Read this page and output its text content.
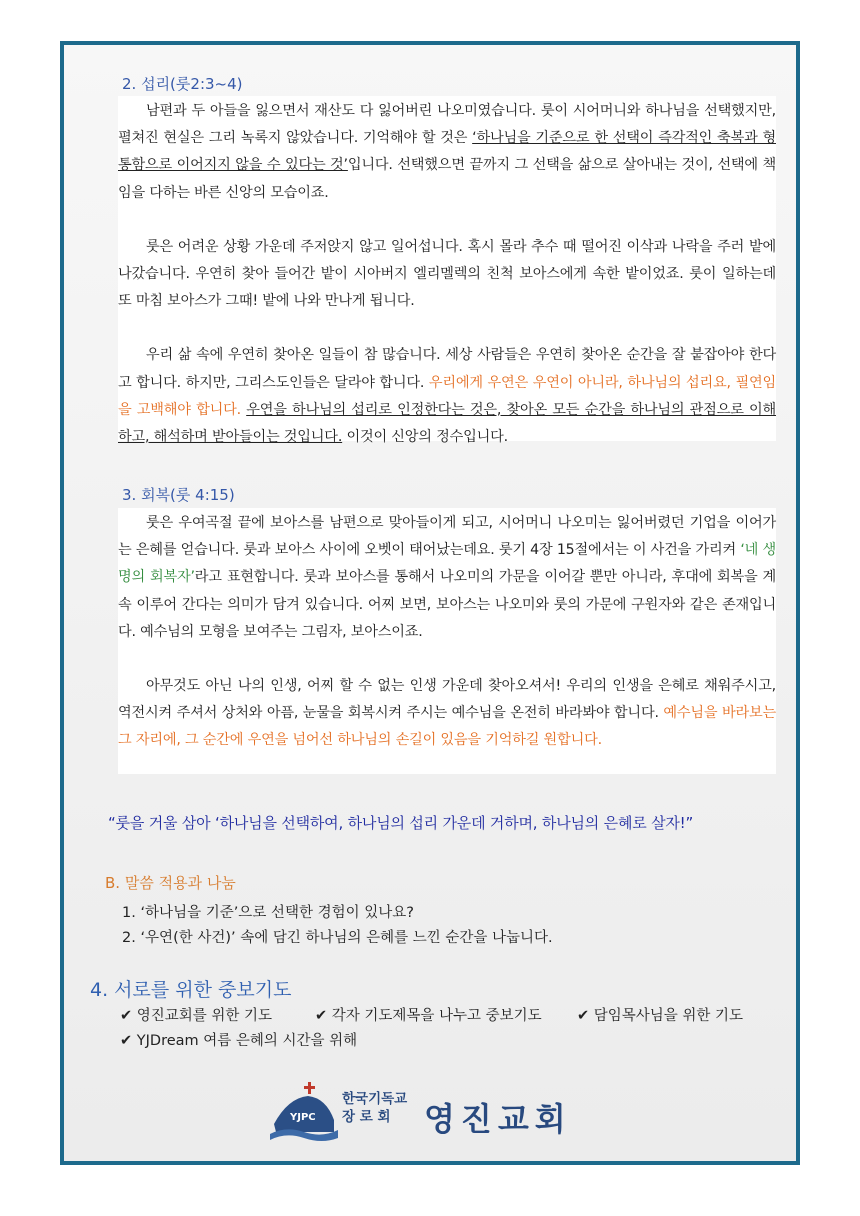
2. 섭리(룻2:3~4)

남편과 두 아들을 잃으면서 재산도 다 잃어버린 나오미였습니다. 룻이 시어머니와 하나님을 선택했지만, 펼쳐진 현실은 그리 녹록지 않았습니다. 기억해야 할 것은 ‘하나님을 기준으로 한 선택이 즉각적인 축복과 형통함으로 이어지지 않을 수 있다는 것’입니다. 선택했으면 끝까지 그 선택을 삶으로 살아내는 것이, 선택에 책임을 다하는 바른 신앙의 모습이죠.

룻은 어려운 상황 가운데 주저앉지 않고 일어섭니다. 혹시 몰라 추수 때 떨어진 이삭과 나락을 주러 밭에 나갔습니다. 우연히 찾아 들어간 밭이 시아버지 엘리멜렉의 친척 보아스에게 속한 밭이었죠. 룻이 일하는데 또 마침 보아스가 그때! 밭에 나와 만나게 됩니다.

우리 삶 속에 우연히 찾아온 일들이 참 많습니다. 세상 사람들은 우연히 찾아온 순간을 잘 붙잡아야 한다고 합니다. 하지만, 그리스도인들은 달라야 합니다. 우리에게 우연은 우연이 아니라, 하나님의 섭리요, 필연임을 고백해야 합니다. 우연을 하나님의 섭리로 인정한다는 것은, 찾아온 모든 순간을 하나님의 관점으로 이해하고, 해석하며 받아들이는 것입니다. 이것이 신앙의 정수입니다.

3. 회복(룻 4:15)

룻은 우여곡절 끝에 보아스를 남편으로 맞아들이게 되고, 시어머니 나오미는 잃어버렸던 기업을 이어가는 은혜를 얻습니다. 룻과 보아스 사이에 오벳이 태어났는데요. 룻기 4장 15절에서는 이 사건을 가리켜 ‘네 생명의 회복자’라고 표현합니다. 룻과 보아스를 통해서 나오미의 가문을 이어갈 뿐만 아니라, 후대에 회복을 계속 이루어 간다는 의미가 담겨 있습니다. 어찌 보면, 보아스는 나오미와 룻의 가문에 구원자와 같은 존재입니다. 예수님의 모형을 보여주는 그림자, 보아스이죠.

아무것도 아닌 나의 인생, 어찌 할 수 없는 인생 가운데 찾아오셔서! 우리의 인생을 은혜로 채워주시고, 역전시켜 주셔서 상처와 아픔, 눈물을 회복시켜 주시는 예수님을 온전히 바라봐야 합니다. 예수님을 바라보는 그 자리에, 그 순간에 우연을 넘어선 하나님의 손길이 있음을 기억하길 원합니다.

“룻을 거울 삼아 ‘하나님을 선택하여, 하나님의 섭리 가운데 거하며, 하나님의 은혜로 살자!”
B. 말씀 적용과 나눔
1. ‘하나님을 기준’으로 선택한 경험이 있나요?
2. ‘우연(한 사건)’ 속에 담긴 하나님의 은혜를 느낀 순간을 나눕니다.
4. 서로를 위한 중보기도
✔ 영진교회를 위한 기도	✔ 각자 기도제목을 나누고 중보기도	✔ 담임목사님을 위한 기도
✔ YJDream 여름 은혜의 시간을 위해
YJPC
한국기독교
장 로 회	영진교회
